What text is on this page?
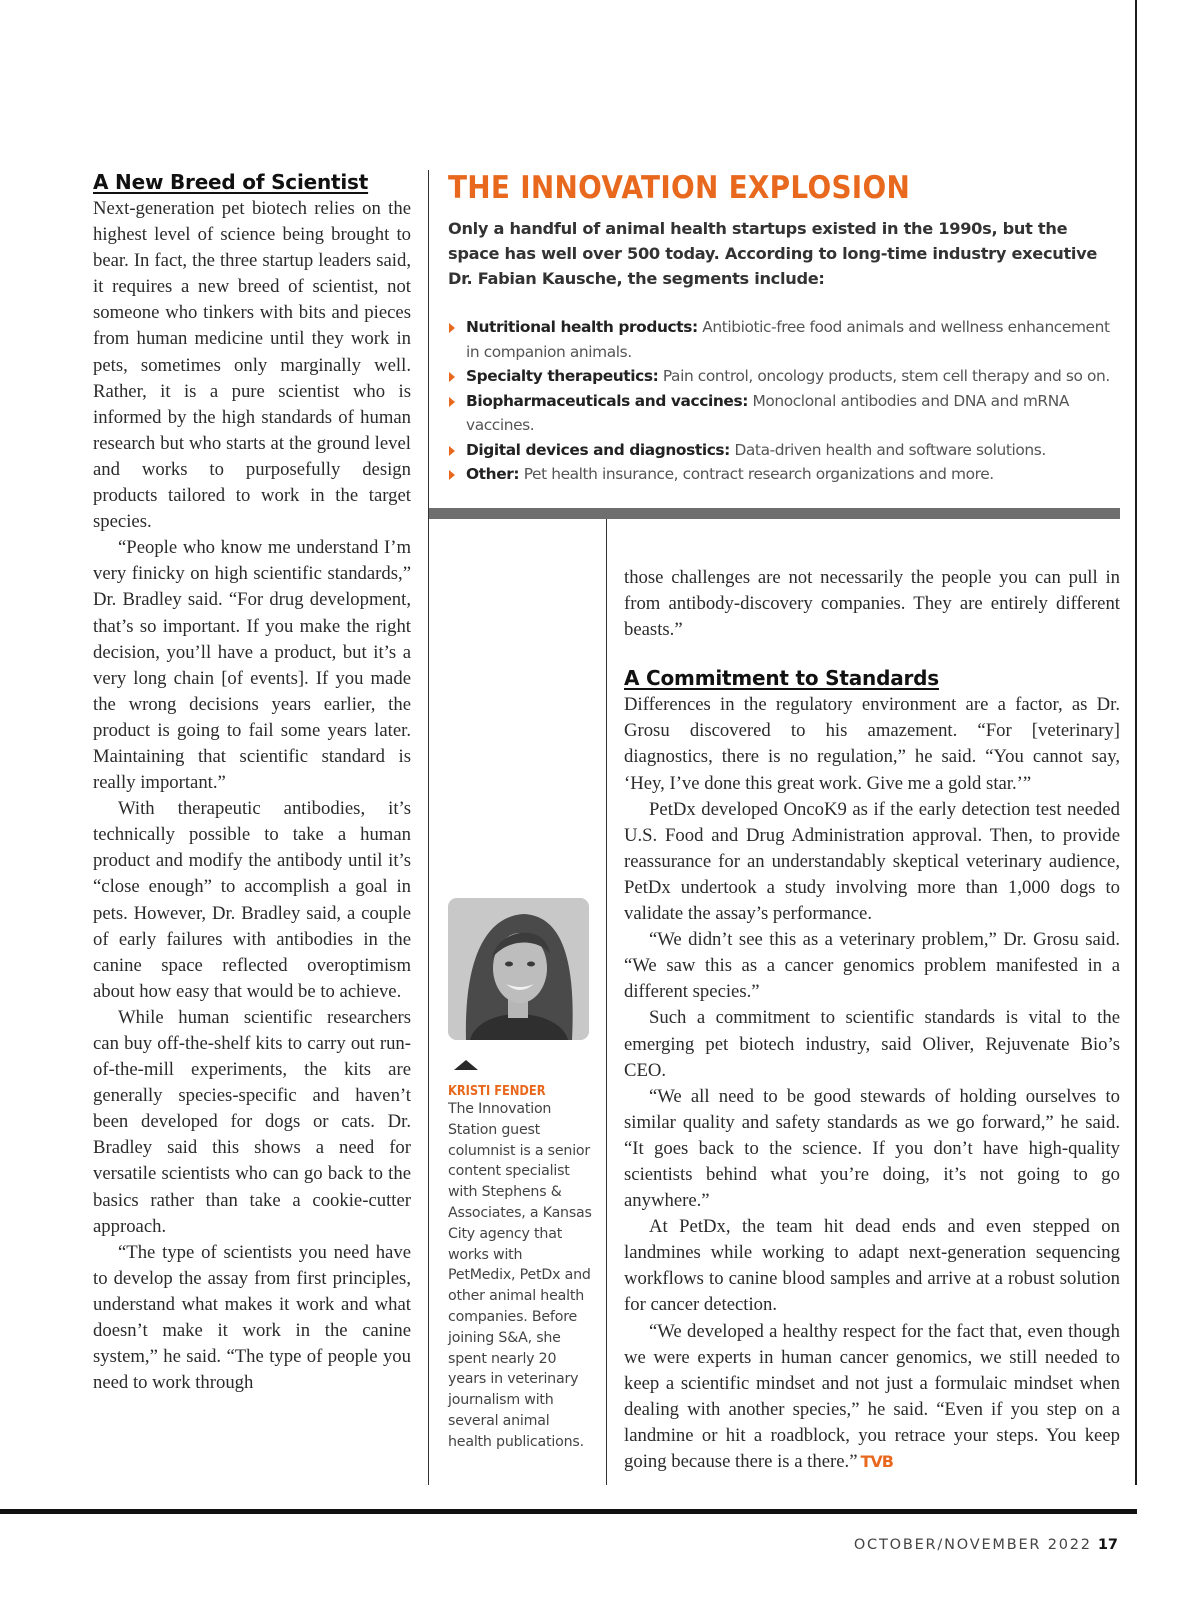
A New Breed of Scientist

Next-generation pet biotech relies on the highest level of science being brought to bear. In fact, the three startup leaders said, it requires a new breed of scientist, not someone who tinkers with bits and pieces from human medicine until they work in pets, sometimes only marginally well. Rather, it is a pure scientist who is informed by the high standards of human research but who starts at the ground level and works to purposefully design products tailored to work in the target species.

“People who know me understand I’m very finicky on high scientific standards,” Dr. Bradley said. “For drug development, that’s so important. If you make the right decision, you’ll have a product, but it’s a very long chain [of events]. If you made the wrong decisions years earlier, the product is going to fail some years later. Maintaining that scientific standard is really important.”

With therapeutic antibodies, it’s technically possible to take a human product and modify the antibody until it’s “close enough” to accomplish a goal in pets. However, Dr. Bradley said, a couple of early failures with antibodies in the canine space reflected overoptimism about how easy that would be to achieve.

While human scientific researchers can buy off-the-shelf kits to carry out run-of-the-mill experiments, the kits are generally species-specific and haven’t been developed for dogs or cats. Dr. Bradley said this shows a need for versatile scientists who can go back to the basics rather than take a cookie-cutter approach.

“The type of scientists you need have to develop the assay from first principles, understand what makes it work and what doesn’t make it work in the canine system,” he said. “The type of people you need to work through

THE INNOVATION EXPLOSION

Only a handful of animal health startups existed in the 1990s, but the space has well over 500 today. According to long-time industry executive Dr. Fabian Kausche, the segments include:

Nutritional health products: Antibiotic-free food animals and wellness enhancement in companion animals.
Specialty therapeutics: Pain control, oncology products, stem cell therapy and so on.
Biopharmaceuticals and vaccines: Monoclonal antibodies and DNA and mRNA vaccines.
Digital devices and diagnostics: Data-driven health and software solutions.
Other: Pet health insurance, contract research organizations and more.
KRISTI FENDER
The Innovation Station guest columnist is a senior content specialist with Stephens & Associates, a Kansas City agency that works with PetMedix, PetDx and other animal health companies. Before joining S&A, she spent nearly 20 years in veterinary journalism with several animal health publications.

those challenges are not necessarily the people you can pull in from antibody-discovery companies. They are entirely different beasts.”

A Commitment to Standards

Differences in the regulatory environment are a factor, as Dr. Grosu discovered to his amazement. “For [veterinary] diagnostics, there is no regulation,” he said. “You cannot say, ‘Hey, I’ve done this great work. Give me a gold star.’”

PetDx developed OncoK9 as if the early detection test needed U.S. Food and Drug Administration approval. Then, to provide reassurance for an understandably skeptical veterinary audience, PetDx undertook a study involving more than 1,000 dogs to validate the assay’s performance.

“We didn’t see this as a veterinary problem,” Dr. Grosu said. “We saw this as a cancer genomics problem manifested in a different species.”

Such a commitment to scientific standards is vital to the emerging pet biotech industry, said Oliver, Rejuvenate Bio’s CEO.

“We all need to be good stewards of holding ourselves to similar quality and safety standards as we go forward,” he said. “It goes back to the science. If you don’t have high-quality scientists behind what you’re doing, it’s not going to go anywhere.”

At PetDx, the team hit dead ends and even stepped on landmines while working to adapt next-generation sequencing workflows to canine blood samples and arrive at a robust solution for cancer detection.

“We developed a healthy respect for the fact that, even though we were experts in human cancer genomics, we still needed to keep a scientific mindset and not just a formulaic mindset when dealing with another species,” he said. “Even if you step on a landmine or hit a roadblock, you retrace your steps. You keep going because there is a there.” TVB

OCTOBER/NOVEMBER 2022 17
